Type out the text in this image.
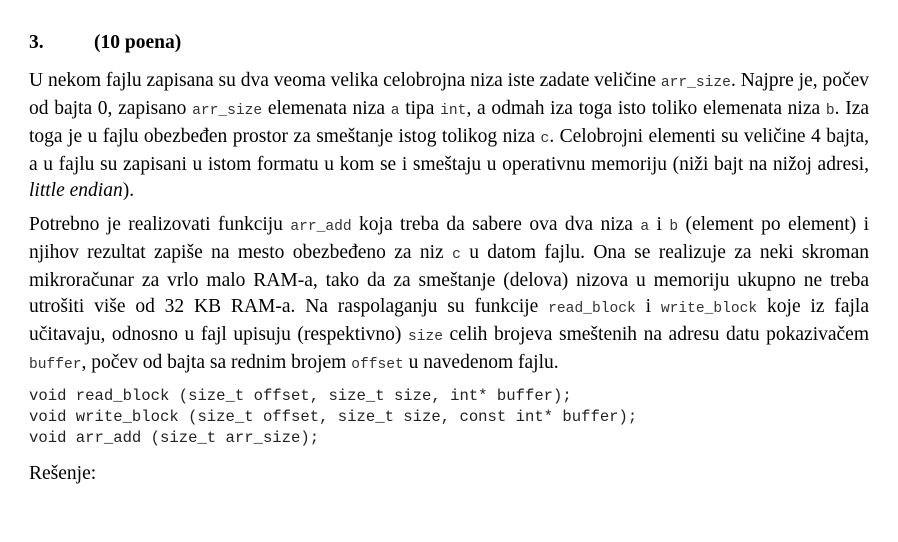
3.	(10 poena)

U nekom fajlu zapisana su dva veoma velika celobrojna niza iste zadate veličine arr_size. Najpre je, počev od bajta 0, zapisano arr_size elemenata niza a tipa int, a odmah iza toga isto toliko elemenata niza b. Iza toga je u fajlu obezbeđen prostor za smeštanje istog tolikog niza c. Celobrojni elementi su veličine 4 bajta, a u fajlu su zapisani u istom formatu u kom se i smeštaju u operativnu memoriju (niži bajt na nižoj adresi, little endian).

Potrebno je realizovati funkciju arr_add koja treba da sabere ova dva niza a i b (element po element) i njihov rezultat zapiše na mesto obezbeđeno za niz c u datom fajlu. Ona se realizuje za neki skroman mikroračunar za vrlo malo RAM-a, tako da za smeštanje (delova) nizova u memoriju ukupno ne treba utrošiti više od 32 KB RAM-a. Na raspolaganju su funkcije read_block i write_block koje iz fajla učitavaju, odnosno u fajl upisuju (respektivno) size celih brojeva smeštenih na adresu datu pokazivačem buffer, počev od bajta sa rednim brojem offset u navedenom fajlu.

void read_block (size_t offset, size_t size, int* buffer);
void write_block (size_t offset, size_t size, const int* buffer);
void arr_add (size_t arr_size);
Rešenje:
